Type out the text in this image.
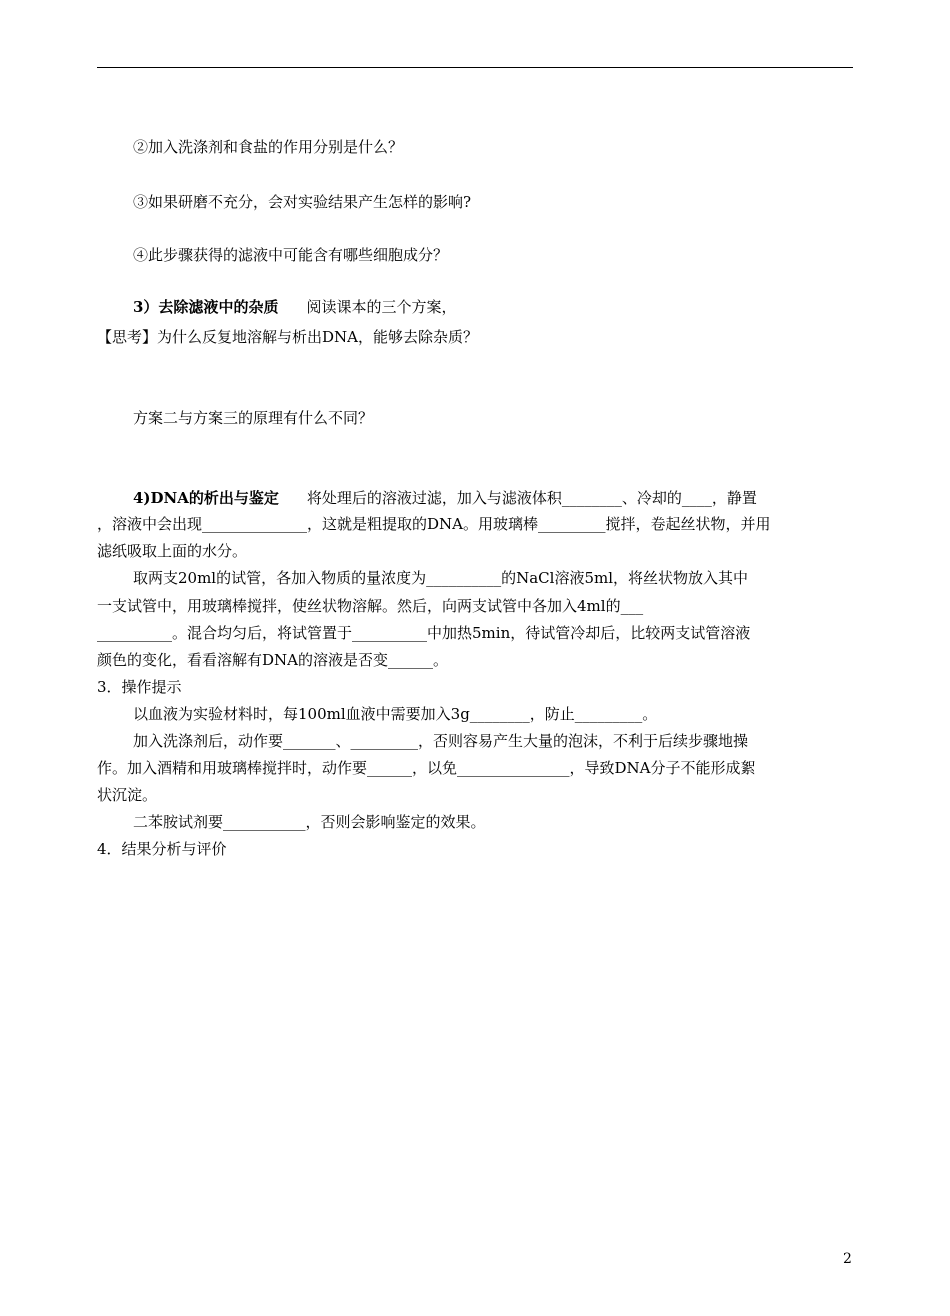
②加入洗涤剂和食盐的作用分别是什么？
③如果研磨不充分，会对实验结果产生怎样的影响?
④此步骤获得的滤液中可能含有哪些细胞成分？
3）去除滤液中的杂质 阅读课本的三个方案，
【思考】为什么反复地溶解与析出DNA，能够去除杂质？
方案二与方案三的原理有什么不同？
4)DNA的析出与鉴定 将处理后的溶液过滤，加入与滤液体积________、冷却的____，静置
，溶液中会出现______________，这就是粗提取的DNA。用玻璃棒_________搅拌，卷起丝状物，并用
滤纸吸取上面的水分。
取两支20ml的试管，各加入物质的量浓度为__________的NaCl溶液5ml，将丝状物放入其中
一支试管中，用玻璃棒搅拌，使丝状物溶解。然后，向两支试管中各加入4ml的___
__________。混合均匀后，将试管置于__________中加热5min，待试管冷却后，比较两支试管溶液
颜色的变化，看看溶解有DNA的溶液是否变______。
3．操作提示
以血液为实验材料时，每100ml血液中需要加入3g________，防止_________。
加入洗涤剂后，动作要_______、_________，否则容易产生大量的泡沫，不利于后续步骤地操
作。加入酒精和用玻璃棒搅拌时，动作要______，以免_______________，导致DNA分子不能形成絮
状沉淀。
二苯胺试剂要___________，否则会影响鉴定的效果。
4．结果分析与评价
2
